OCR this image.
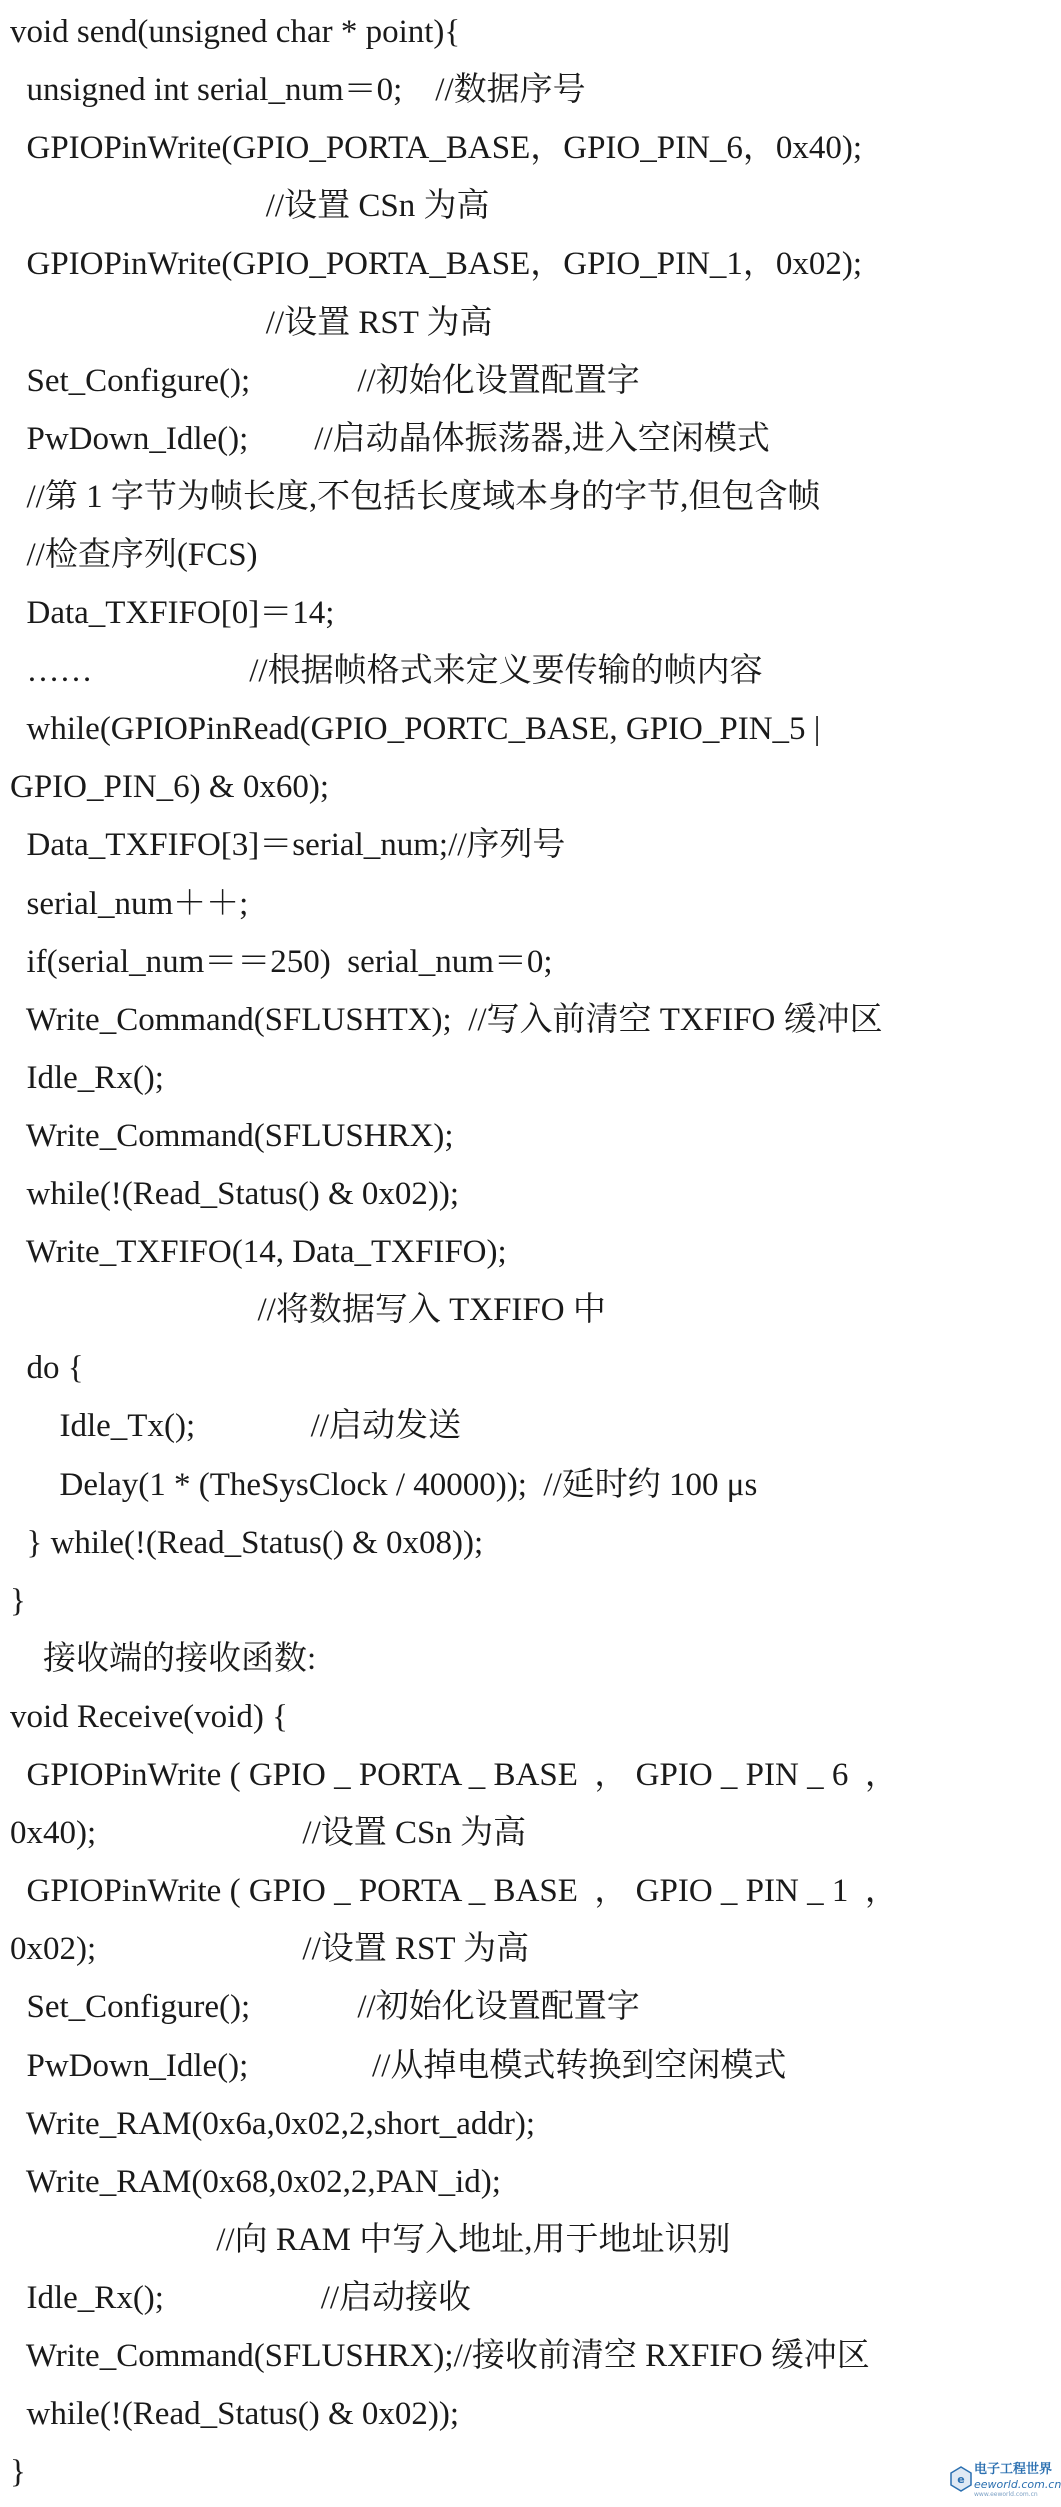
void send(unsigned char * point){
unsigned int serial_num＝0;    //数据序号
GPIOPinWrite(GPIO_PORTA_BASE，GPIO_PIN_6，0x40);
//设置 CSn 为高
GPIOPinWrite(GPIO_PORTA_BASE，GPIO_PIN_1，0x02);
//设置 RST 为高
Set_Configure();             //初始化设置配置字
PwDown_Idle();        //启动晶体振荡器,进入空闲模式
//第 1 字节为帧长度,不包括长度域本身的字节,但包含帧
//检查序列(FCS)
Data_TXFIFO[0]＝14;
……                   //根据帧格式来定义要传输的帧内容
while(GPIOPinRead(GPIO_PORTC_BASE, GPIO_PIN_5 |
GPIO_PIN_6) & 0x60);
Data_TXFIFO[3]＝serial_num;//序列号
serial_num＋＋;
if(serial_num＝＝250)  serial_num＝0;
Write_Command(SFLUSHTX);  //写入前清空 TXFIFO 缓冲区
Idle_Rx();
Write_Command(SFLUSHRX);
while(!(Read_Status() & 0x02));
Write_TXFIFO(14, Data_TXFIFO);
//将数据写入 TXFIFO 中
do {
Idle_Tx();              //启动发送
Delay(1 * (TheSysClock / 40000));  //延时约 100 μs
} while(!(Read_Status() & 0x08));
}
接收端的接收函数:
void Receive(void) {
GPIOPinWrite ( GPIO _ PORTA _ BASE  ， GPIO _ PIN _ 6  ，
0x40);                         //设置 CSn 为高
GPIOPinWrite ( GPIO _ PORTA _ BASE  ， GPIO _ PIN _ 1  ，
0x02);                         //设置 RST 为高
Set_Configure();             //初始化设置配置字
PwDown_Idle();               //从掉电模式转换到空闲模式
Write_RAM(0x6a,0x02,2,short_addr);
Write_RAM(0x68,0x02,2,PAN_id);
//向 RAM 中写入地址,用于地址识别
Idle_Rx();                   //启动接收
Write_Command(SFLUSHRX);//接收前清空 RXFIFO 缓冲区
while(!(Read_Status() & 0x02));
}	e
电子工程世界
eeworld.com.cn
www.eeworld.com.cn
